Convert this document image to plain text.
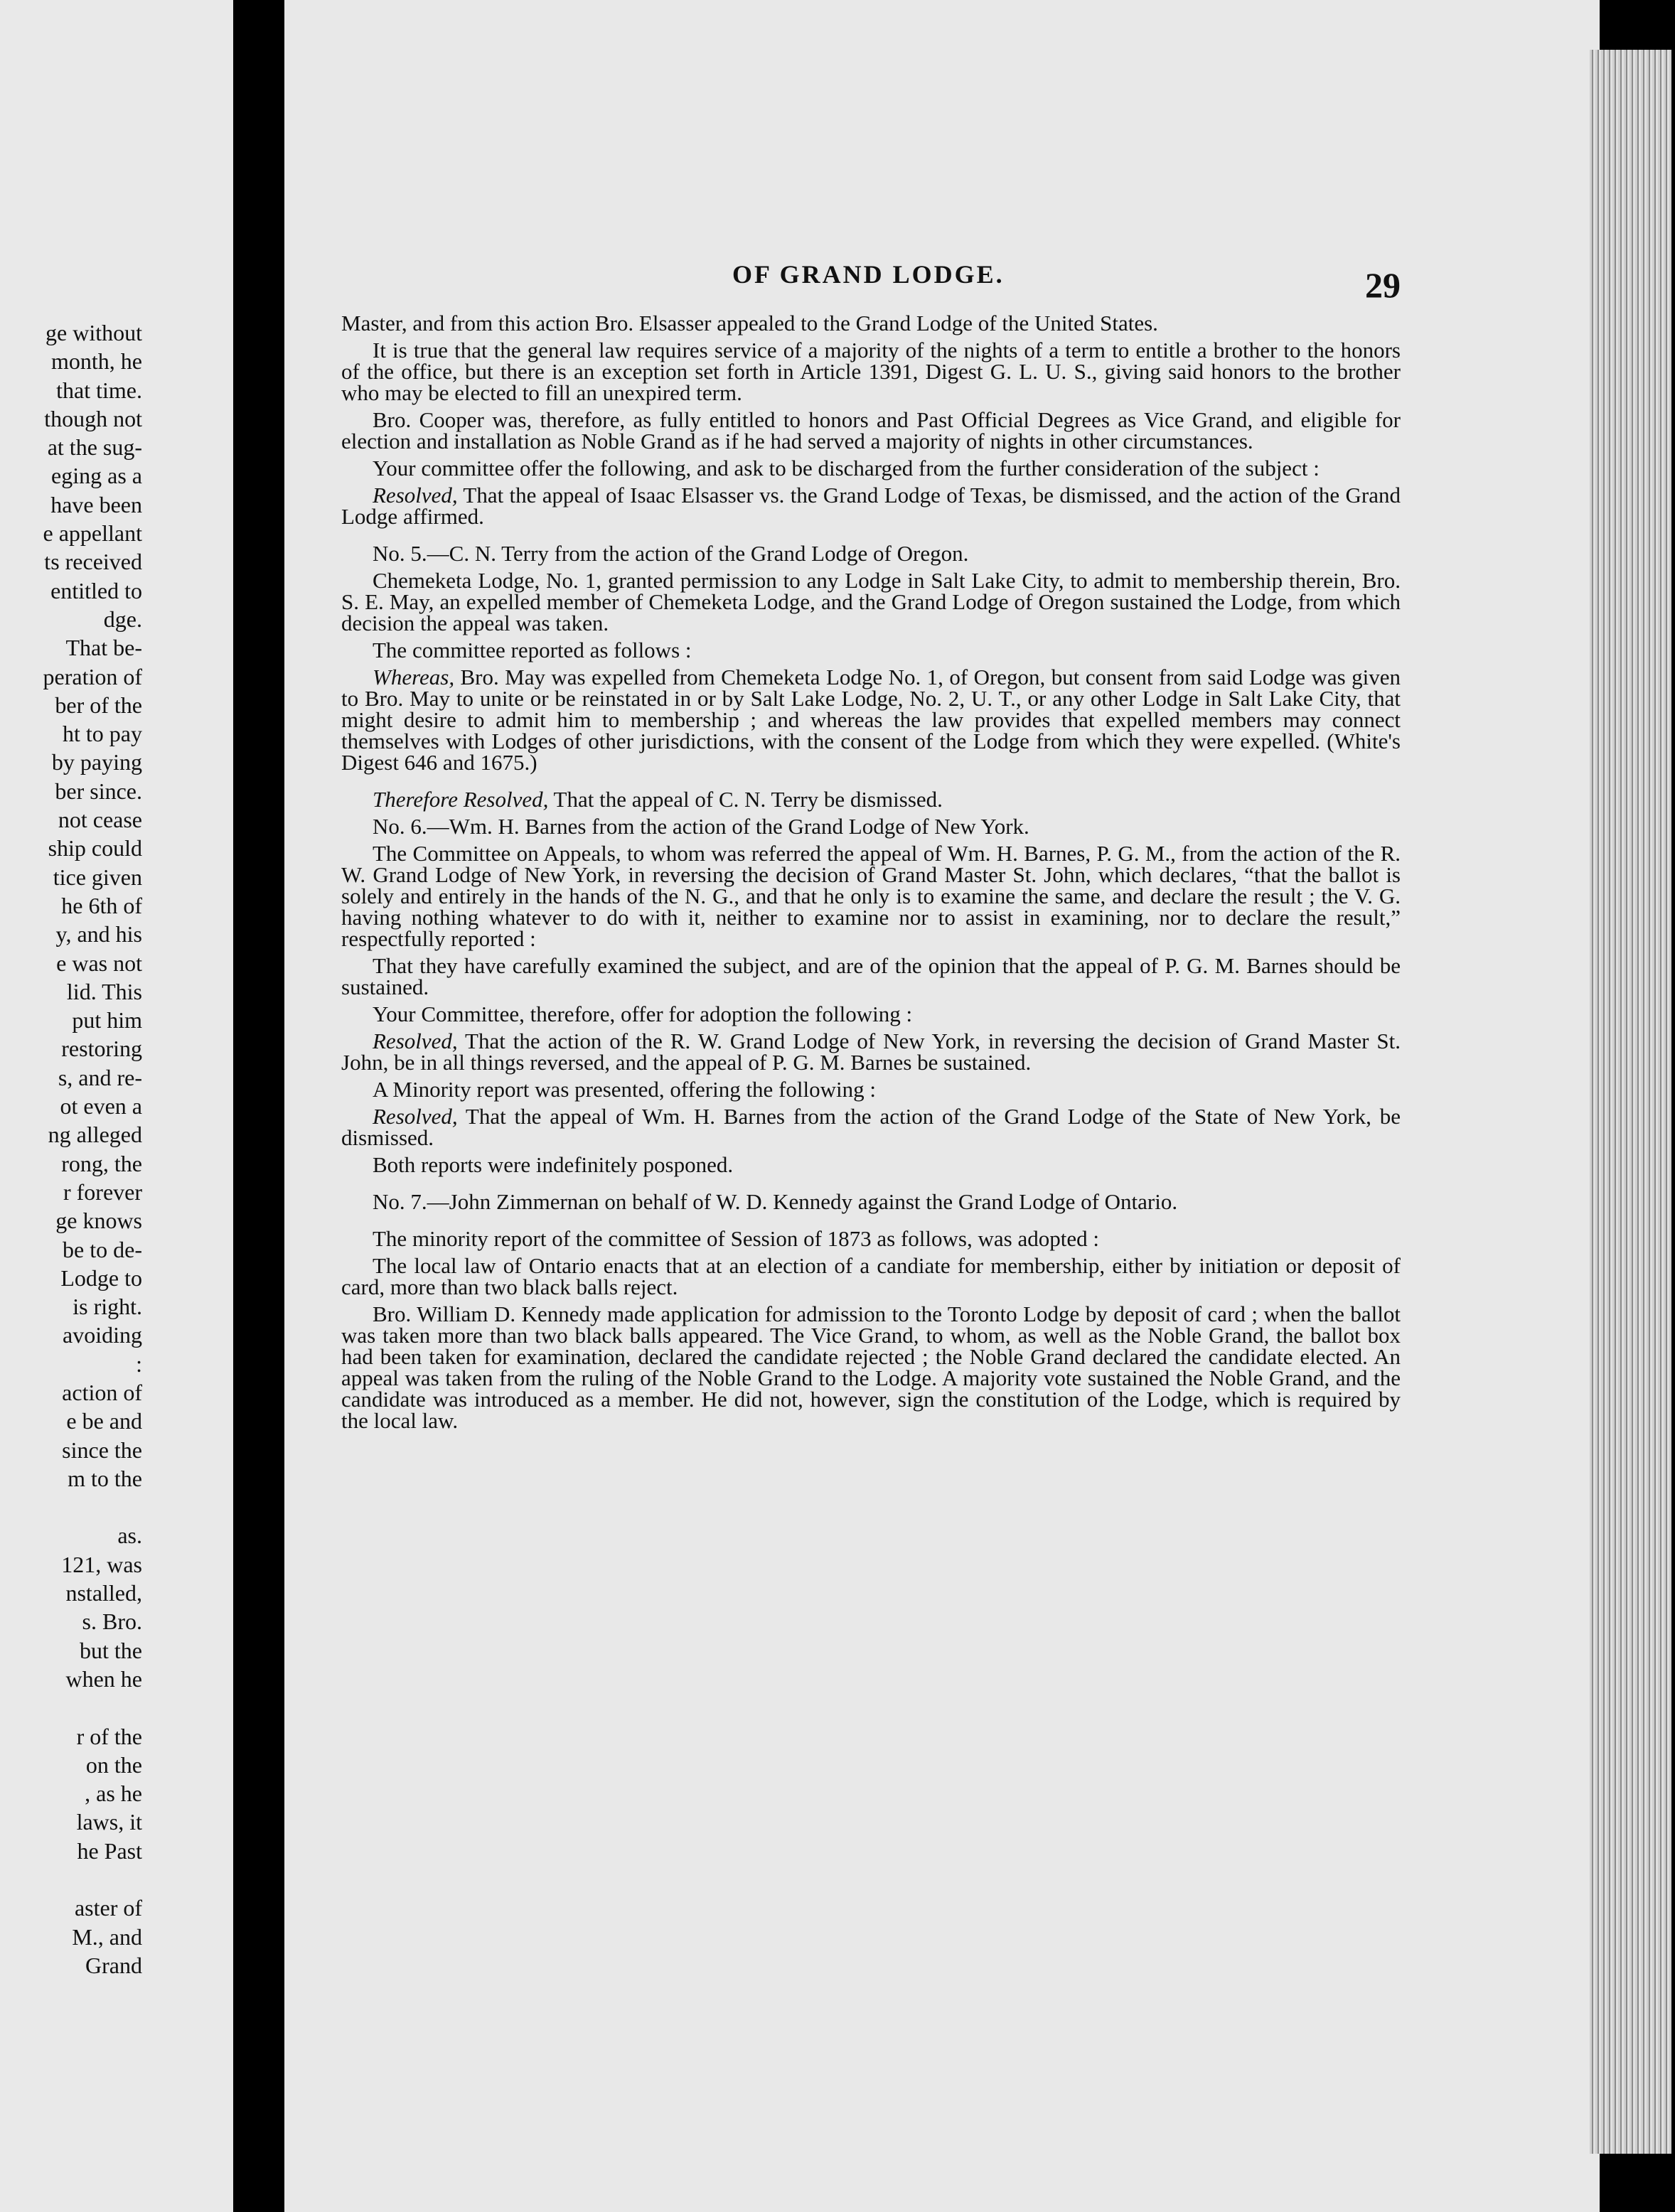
ge without
month, he
that time.
though not
at the sug-
eging as a
have been
e appellant
ts received
entitled to
dge.
That be-
peration of
ber of the
ht to pay
by paying
ber since.
not cease
ship could
tice given
he 6th of
y, and his
e was not
lid. This
put him
restoring
s, and re-
ot even a
ng alleged
rong, the
r forever
ge knows
be to de-
Lodge to
is right.
avoiding
:
action of
e be and
since the
m to the
as.
121, was
nstalled,
s. Bro.
but the
when he
r of the
on the
, as he
laws, it
he Past
aster of
M., and
Grand
OF GRAND LODGE.	29

Master, and from this action Bro. Elsasser appealed to the Grand Lodge of the United States.

It is true that the general law requires service of a majority of the nights of a term to entitle a brother to the honors of the office, but there is an exception set forth in Article 1391, Digest G. L. U. S., giving said honors to the brother who may be elected to fill an unexpired term.

Bro. Cooper was, therefore, as fully entitled to honors and Past Official Degrees as Vice Grand, and eligible for election and installation as Noble Grand as if he had served a majority of nights in other circumstances.

Your committee offer the following, and ask to be discharged from the further consideration of the subject :

Resolved, That the appeal of Isaac Elsasser vs. the Grand Lodge of Texas, be dismissed, and the action of the Grand Lodge affirmed.

No. 5.—C. N. Terry from the action of the Grand Lodge of Oregon.

Chemeketa Lodge, No. 1, granted permission to any Lodge in Salt Lake City, to admit to membership therein, Bro. S. E. May, an expelled member of Chemeketa Lodge, and the Grand Lodge of Oregon sustained the Lodge, from which decision the appeal was taken.

The committee reported as follows :

Whereas, Bro. May was expelled from Chemeketa Lodge No. 1, of Oregon, but consent from said Lodge was given to Bro. May to unite or be reinstated in or by Salt Lake Lodge, No. 2, U. T., or any other Lodge in Salt Lake City, that might desire to admit him to membership ; and whereas the law provides that expelled members may connect themselves with Lodges of other jurisdictions, with the consent of the Lodge from which they were expelled. (White's Digest 646 and 1675.)

Therefore Resolved, That the appeal of C. N. Terry be dismissed.

No. 6.—Wm. H. Barnes from the action of the Grand Lodge of New York.

The Committee on Appeals, to whom was referred the appeal of Wm. H. Barnes, P. G. M., from the action of the R. W. Grand Lodge of New York, in reversing the decision of Grand Master St. John, which declares, “that the ballot is solely and entirely in the hands of the N. G., and that he only is to examine the same, and declare the result ; the V. G. having nothing whatever to do with it, neither to examine nor to assist in examining, nor to declare the result,” respectfully reported :

That they have carefully examined the subject, and are of the opinion that the appeal of P. G. M. Barnes should be sustained.

Your Committee, therefore, offer for adoption the following :

Resolved, That the action of the R. W. Grand Lodge of New York, in reversing the decision of Grand Master St. John, be in all things reversed, and the appeal of P. G. M. Barnes be sustained.

A Minority report was presented, offering the following :

Resolved, That the appeal of Wm. H. Barnes from the action of the Grand Lodge of the State of New York, be dismissed.

Both reports were indefinitely posponed.

No. 7.—John Zimmernan on behalf of W. D. Kennedy against the Grand Lodge of Ontario.

The minority report of the committee of Session of 1873 as follows, was adopted :

The local law of Ontario enacts that at an election of a candiate for membership, either by initiation or deposit of card, more than two black balls reject.

Bro. William D. Kennedy made application for admission to the Toronto Lodge by deposit of card ; when the ballot was taken more than two black balls appeared. The Vice Grand, to whom, as well as the Noble Grand, the ballot box had been taken for examination, declared the candidate rejected ; the Noble Grand declared the candidate elected. An appeal was taken from the ruling of the Noble Grand to the Lodge. A majority vote sustained the Noble Grand, and the candidate was introduced as a member. He did not, however, sign the constitution of the Lodge, which is required by the local law.
